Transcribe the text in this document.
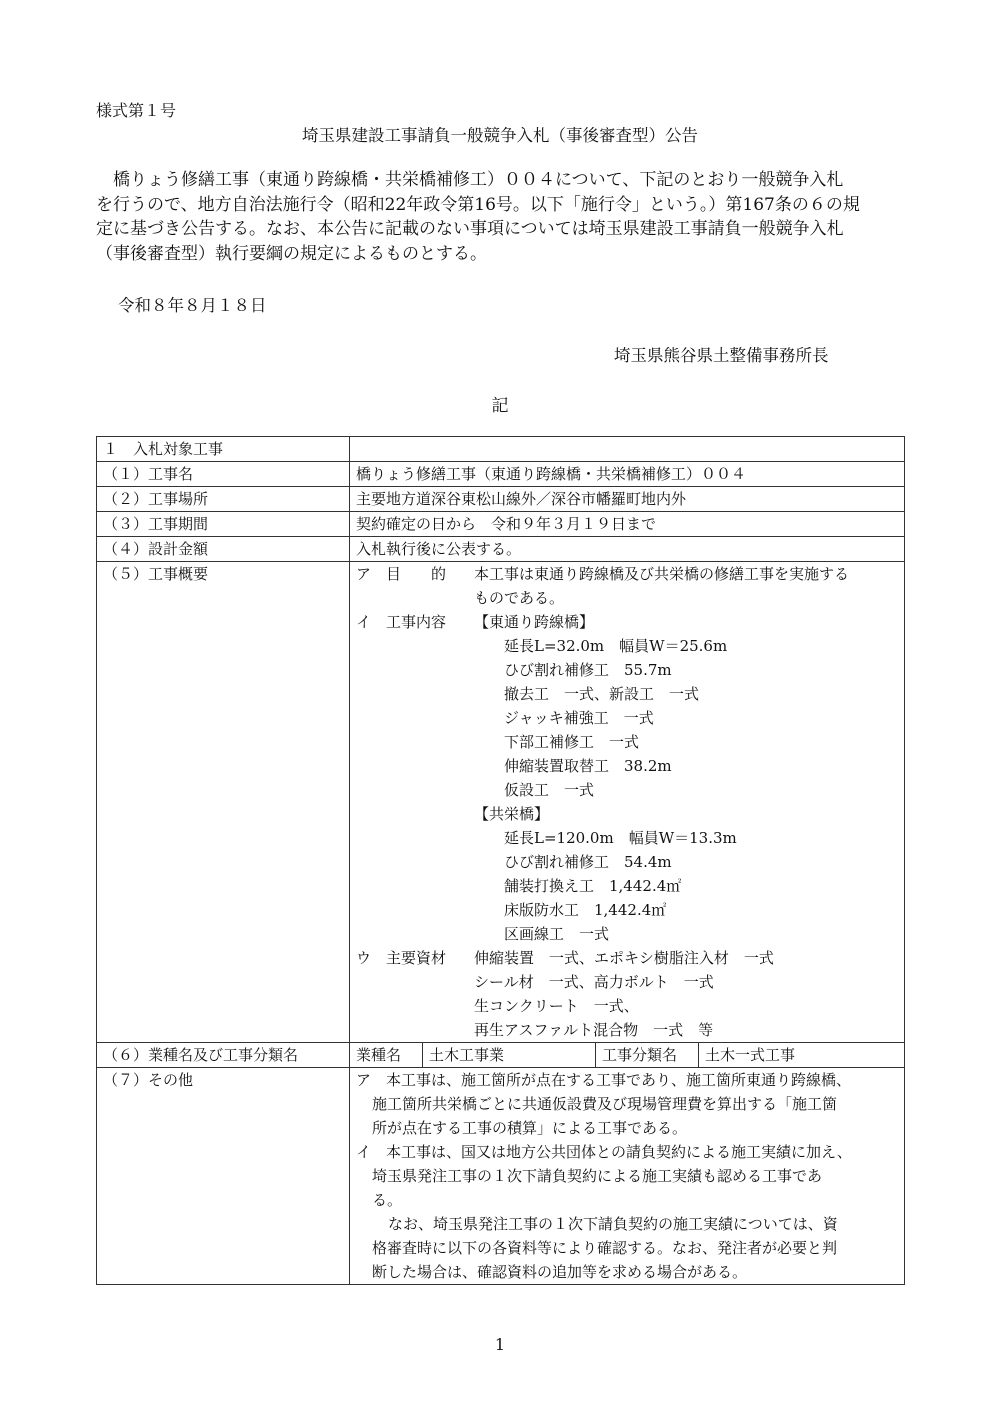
様式第１号
埼玉県建設工事請負一般競争入札（事後審査型）公告
　橋りょう修繕工事（東通り跨線橋・共栄橋補修工）００４について、下記のとおり一般競争入札
を行うので、地方自治法施行令（昭和22年政令第16号。以下「施行令」という。）第167条の６の規
定に基づき公告する。なお、本公告に記載のない事項については埼玉県建設工事請負一般競争入札
（事後審査型）執行要綱の規定によるものとする。
令和８年８月１８日
埼玉県熊谷県土整備事務所長
記
１　入札対象工事	
（１）工事名	橋りょう修繕工事（東通り跨線橋・共栄橋補修工）００４
（２）工事場所	主要地方道深谷東松山線外／深谷市幡羅町地内外
（３）工事期間	契約確定の日から　令和９年３月１９日まで
（４）設計金額	入札執行後に公表する。
（５）工事概要	ア　目　　的	本工事は東通り跨線橋及び共栄橋の修繕工事を実施する
ものである。
イ　工事内容	【東通り跨線橋】
延長L=32.0m　幅員W＝25.6m
ひび割れ補修工　55.7m
撤去工　一式、新設工　一式
ジャッキ補強工　一式
下部工補修工　一式
伸縮装置取替工　38.2m
仮設工　一式
【共栄橋】
延長L=120.0m　幅員W＝13.3m
ひび割れ補修工　54.4m
舗装打換え工　1,442.4㎡
床版防水工　1,442.4㎡
区画線工　一式
ウ　主要資材	伸縮装置　一式、エポキシ樹脂注入材　一式
シール材　一式、高力ボルト　一式
生コンクリート　一式、
再生アスファルト混合物　一式　等

（６）業種名及び工事分類名		業種名	土木工事業	工事分類名	土木一式工事

（７）その他	ア　本工事は、施工箇所が点在する工事であり、施工箇所東通り跨線橋、
施工箇所共栄橋ごとに共通仮設費及び現場管理費を算出する「施工箇
所が点在する工事の積算」による工事である。
イ　本工事は、国又は地方公共団体との請負契約による施工実績に加え、
埼玉県発注工事の１次下請負契約による施工実績も認める工事であ
る。
なお、埼玉県発注工事の１次下請負契約の施工実績については、資
格審査時に以下の各資料等により確認する。なお、発注者が必要と判
断した場合は、確認資料の追加等を求める場合がある。
1
